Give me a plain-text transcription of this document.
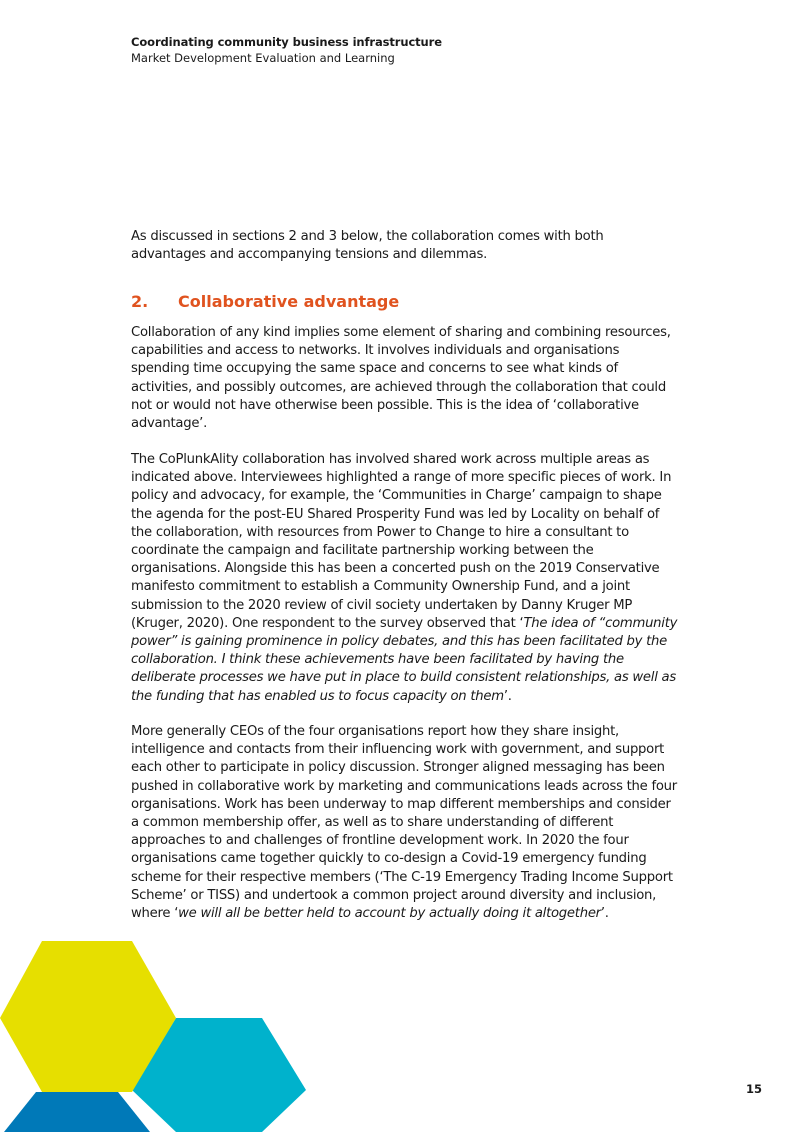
Coordinating community business infrastructure
Market Development Evaluation and Learning

As discussed in sections 2 and 3 below, the collaboration comes with both advantages and accompanying tensions and dilemmas.

2. Collaborative advantage

Collaboration of any kind implies some element of sharing and combining resources, capabilities and access to networks. It involves individuals and organisations spending time occupying the same space and concerns to see what kinds of activities, and possibly outcomes, are achieved through the collaboration that could not or would not have otherwise been possible. This is the idea of ‘collaborative advantage’.

The CoPlunkAlity collaboration has involved shared work across multiple areas as indicated above. Interviewees highlighted a range of more specific pieces of work. In policy and advocacy, for example, the ‘Communities in Charge’ campaign to shape the agenda for the post-EU Shared Prosperity Fund was led by Locality on behalf of the collaboration, with resources from Power to Change to hire a consultant to coordinate the campaign and facilitate partnership working between the organisations. Alongside this has been a concerted push on the 2019 Conservative manifesto commitment to establish a Community Ownership Fund, and a joint submission to the 2020 review of civil society undertaken by Danny Kruger MP (Kruger, 2020). One respondent to the survey observed that ‘The idea of “community power” is gaining prominence in policy debates, and this has been facilitated by the collaboration. I think these achievements have been facilitated by having the deliberate processes we have put in place to build consistent relationships, as well as the funding that has enabled us to focus capacity on them’.

More generally CEOs of the four organisations report how they share insight, intelligence and contacts from their influencing work with government, and support each other to participate in policy discussion. Stronger aligned messaging has been pushed in collaborative work by marketing and communications leads across the four organisations. Work has been underway to map different memberships and consider a common membership offer, as well as to share understanding of different approaches to and challenges of frontline development work. In 2020 the four organisations came together quickly to co-design a Covid-19 emergency funding scheme for their respective members (‘The C-19 Emergency Trading Income Support Scheme’ or TISS) and undertook a common project around diversity and inclusion, where ‘we will all be better held to account by actually doing it altogether’.

15
